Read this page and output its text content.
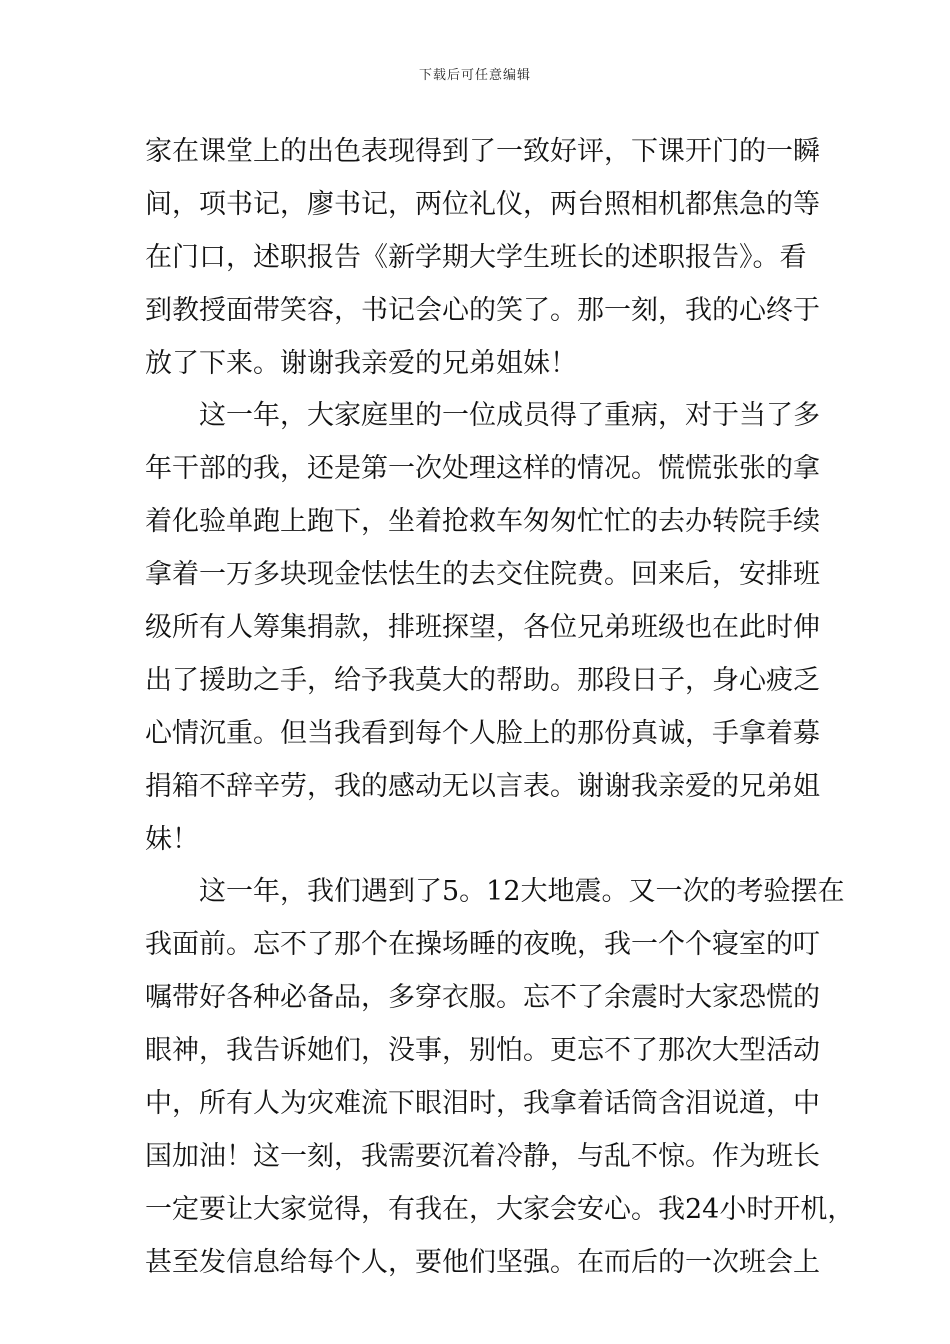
下载后可任意编辑
家在课堂上的出色表现得到了一致好评，下课开门的一瞬
间，项书记，廖书记，两位礼仪，两台照相机都焦急的等
在门口，述职报告《新学期大学生班长的述职报告》。看
到教授面带笑容，书记会心的笑了。那一刻，我的心终于
放了下来。谢谢我亲爱的兄弟姐妹！
这一年，大家庭里的一位成员得了重病，对于当了多
年干部的我，还是第一次处理这样的情况。慌慌张张的拿
着化验单跑上跑下，坐着抢救车匆匆忙忙的去办转院手续
拿着一万多块现金怯怯生的去交住院费。回来后，安排班
级所有人筹集捐款，排班探望，各位兄弟班级也在此时伸
出了援助之手，给予我莫大的帮助。那段日子，身心疲乏
心情沉重。但当我看到每个人脸上的那份真诚，手拿着募
捐箱不辞辛劳，我的感动无以言表。谢谢我亲爱的兄弟姐
妹！
这一年，我们遇到了5。12大地震。又一次的考验摆在
我面前。忘不了那个在操场睡的夜晚，我一个个寝室的叮
嘱带好各种必备品，多穿衣服。忘不了余震时大家恐慌的
眼神，我告诉她们，没事，别怕。更忘不了那次大型活动
中，所有人为灾难流下眼泪时，我拿着话筒含泪说道，中
国加油！这一刻，我需要沉着冷静，与乱不惊。作为班长
一定要让大家觉得，有我在，大家会安心。我24小时开机，
甚至发信息给每个人，要他们坚强。在而后的一次班会上
